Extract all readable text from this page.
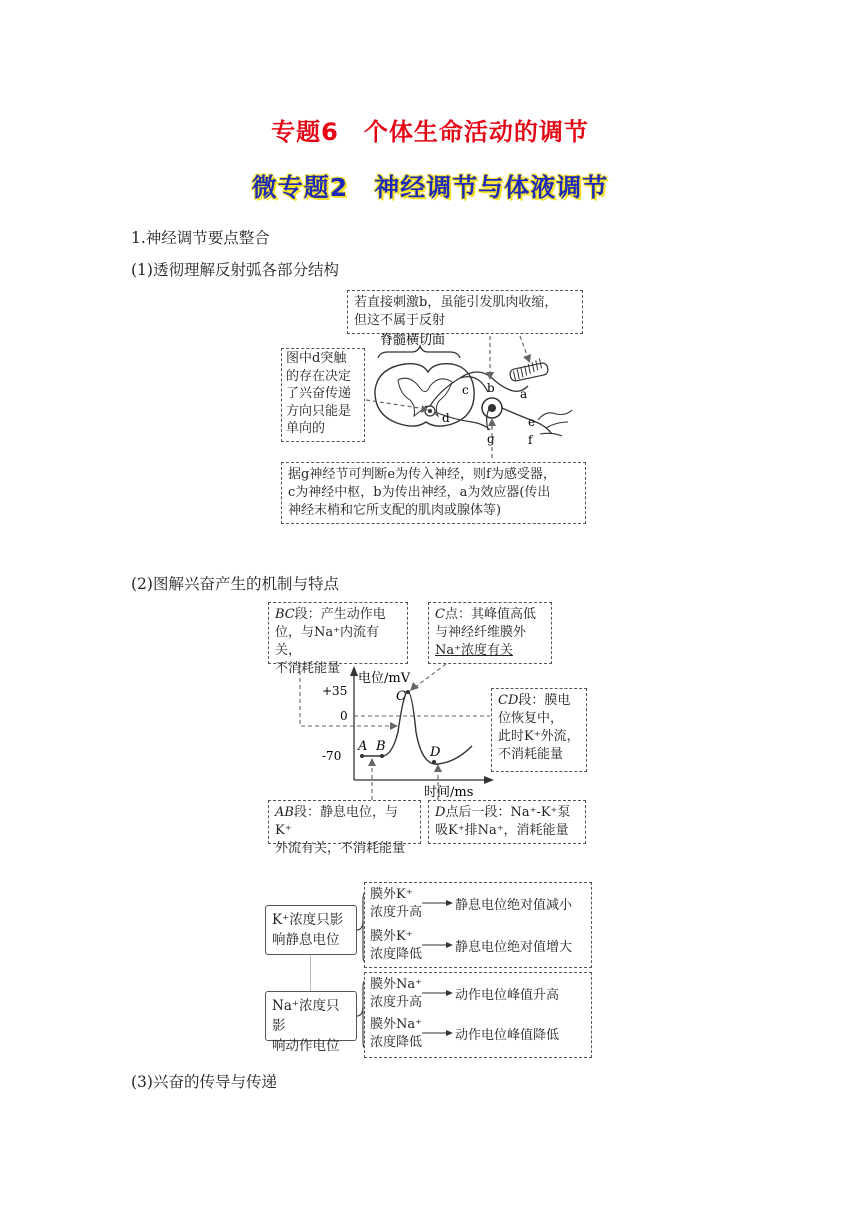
专题6　个体生命活动的调节
微专题2　神经调节与体液调节
1.神经调节要点整合
(1)透彻理解反射弧各部分结构
若直接刺激b，虽能引发肌肉收缩，
但这不属于反射
图中d突触
的存在决定
了兴奋传递
方向只能是
单向的
据g神经节可判断e为传入神经，则f为感受器，
c为神经中枢，b为传出神经，a为效应器(传出
神经末梢和它所支配的肌肉或腺体等)
脊髓横切面
c
d
b a
g
e
f
(2)图解兴奋产生的机制与特点
BC段：产生动作电
位，与Na⁺内流有关，
不消耗能量
C点：其峰值高低
与神经纤维膜外
Na⁺浓度有关
CD段：膜电
位恢复中，
此时K⁺外流，
不消耗能量
AB段：静息电位，与K⁺
外流有关，不消耗能量
D点后一段：Na⁺-K⁺泵
吸K⁺排Na⁺，消耗能量
电位/mV
时间/ms
+35
0
-70
A B
C
D
K⁺浓度只影
响静息电位
Na⁺浓度只影
响动作电位
膜外K⁺
浓度升高
膜外K⁺
浓度降低
膜外Na⁺
浓度升高
膜外Na⁺
浓度降低
静息电位绝对值减小
静息电位绝对值增大
动作电位峰值升高
动作电位峰值降低
(3)兴奋的传导与传递
